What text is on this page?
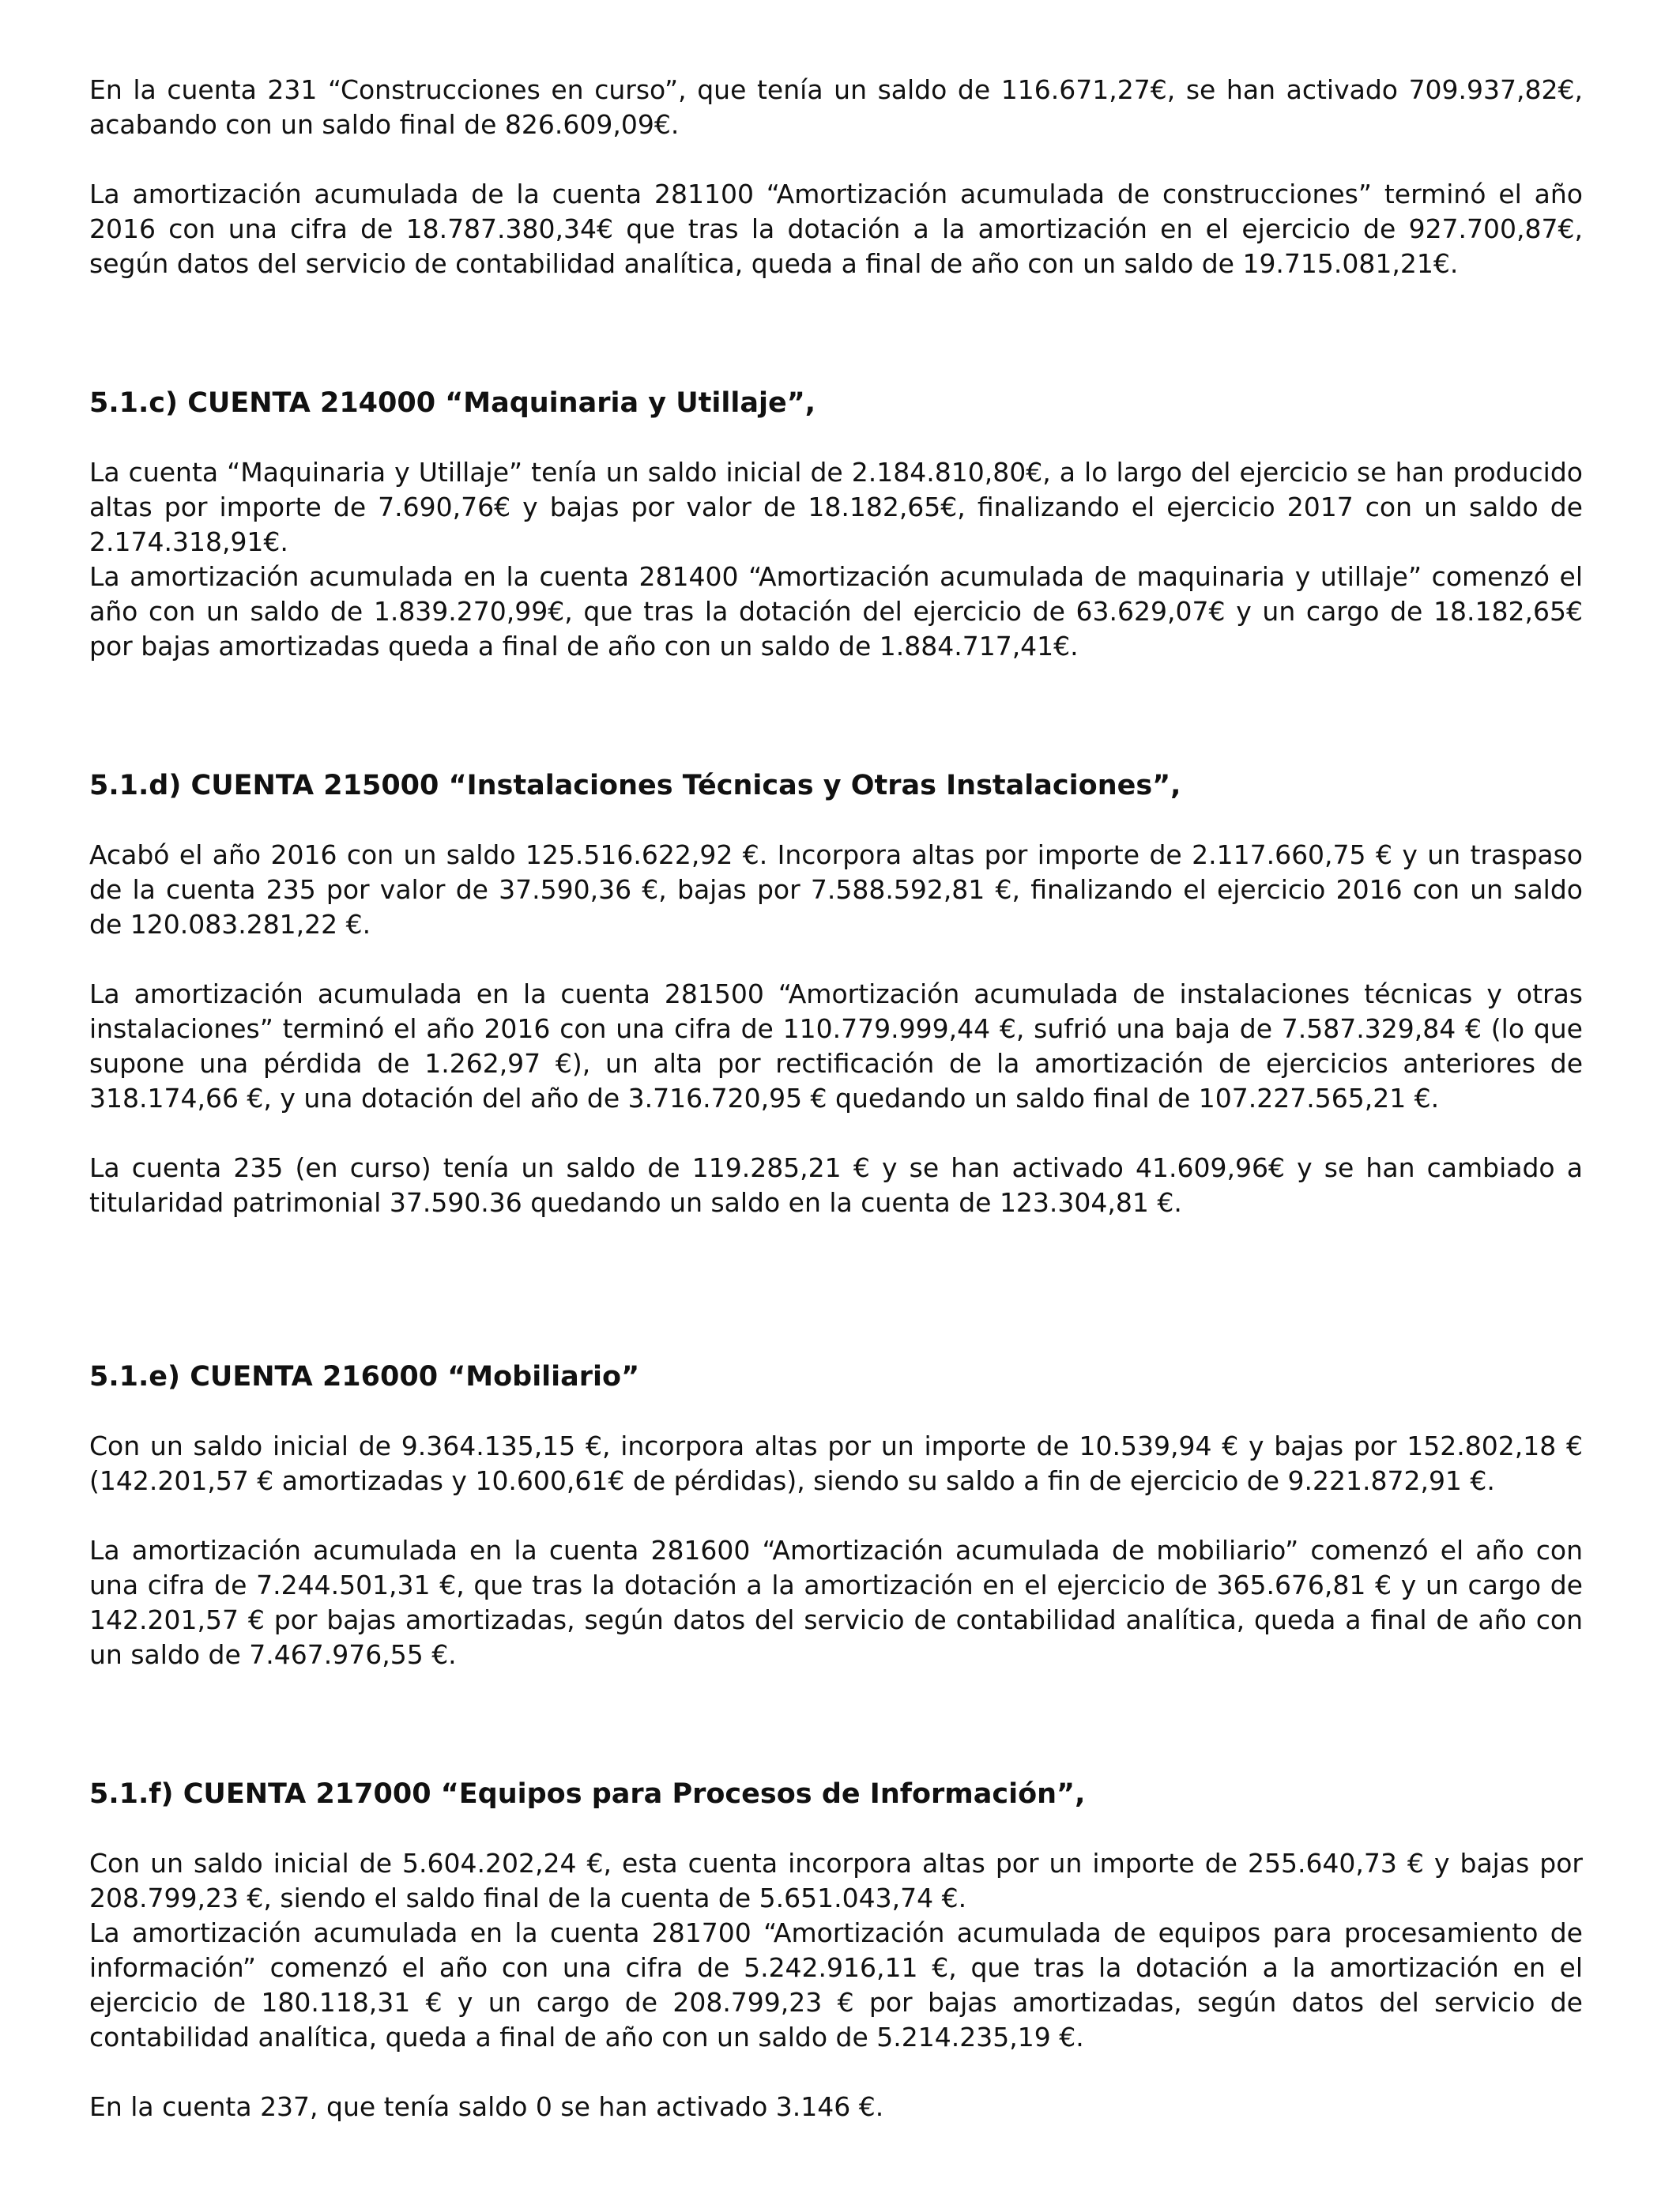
En la cuenta 231 “Construcciones en curso”, que tenía un saldo de 116.671,27€, se han activado 709.937,82€, acabando con un saldo final de 826.609,09€.

La amortización acumulada de la cuenta 281100 “Amortización acumulada de construcciones” terminó el año 2016 con una cifra de 18.787.380,34€ que tras la dotación a la amortización en el ejercicio de 927.700,87€, según datos del servicio de contabilidad analítica, queda a final de año con un saldo de 19.715.081,21€.

5.1.c) CUENTA 214000 “Maquinaria y Utillaje”,

La cuenta “Maquinaria y Utillaje” tenía un saldo inicial de 2.184.810,80€, a lo largo del ejercicio se han producido altas por importe de 7.690,76€ y bajas por valor de 18.182,65€, finalizando el ejercicio 2017 con un saldo de 2.174.318,91€.

La amortización acumulada en la cuenta 281400 “Amortización acumulada de maquinaria y utillaje” comenzó el año con un saldo de 1.839.270,99€, que tras la dotación del ejercicio de 63.629,07€ y un cargo de 18.182,65€ por bajas amortizadas queda a final de año con un saldo de 1.884.717,41€.

5.1.d) CUENTA 215000 “Instalaciones Técnicas y Otras Instalaciones”,

Acabó el año 2016 con un saldo 125.516.622,92 €. Incorpora altas por importe de 2.117.660,75 € y un traspaso de la cuenta 235 por valor de 37.590,36 €, bajas por 7.588.592,81 €, finalizando el ejercicio 2016 con un saldo de 120.083.281,22 €.

La amortización acumulada en la cuenta 281500 “Amortización acumulada de instalaciones técnicas y otras instalaciones” terminó el año 2016 con una cifra de 110.779.999,44 €, sufrió una baja de 7.587.329,84 € (lo que supone una pérdida de 1.262,97 €), un alta por rectificación de la amortización de ejercicios anteriores de 318.174,66 €, y una dotación del año de 3.716.720,95 € quedando un saldo final de 107.227.565,21 €.

La cuenta 235 (en curso) tenía un saldo de 119.285,21 € y se han activado 41.609,96€ y se han cambiado a titularidad patrimonial 37.590.36 quedando un saldo en la cuenta de 123.304,81 €.

5.1.e) CUENTA 216000 “Mobiliario”

Con un saldo inicial de 9.364.135,15 €, incorpora altas por un importe de 10.539,94 € y bajas por 152.802,18 € (142.201,57 € amortizadas y 10.600,61€ de pérdidas), siendo su saldo a fin de ejercicio de 9.221.872,91 €.

La amortización acumulada en la cuenta 281600 “Amortización acumulada de mobiliario” comenzó el año con una cifra de 7.244.501,31 €, que tras la dotación a la amortización en el ejercicio de 365.676,81 € y un cargo de 142.201,57 € por bajas amortizadas, según datos del servicio de contabilidad analítica, queda a final de año con un saldo de 7.467.976,55 €.

5.1.f) CUENTA 217000 “Equipos para Procesos de Información”,

Con un saldo inicial de 5.604.202,24 €, esta cuenta incorpora altas por un importe de 255.640,73 € y bajas por 208.799,23 €, siendo el saldo final de la cuenta de 5.651.043,74 €.

La amortización acumulada en la cuenta 281700 “Amortización acumulada de equipos para procesamiento de información” comenzó el año con una cifra de 5.242.916,11 €, que tras la dotación a la amortización en el ejercicio de 180.118,31 € y un cargo de 208.799,23 € por bajas amortizadas, según datos del servicio de contabilidad analítica, queda a final de año con un saldo de 5.214.235,19 €.

En la cuenta 237, que tenía saldo 0 se han activado 3.146 €.
